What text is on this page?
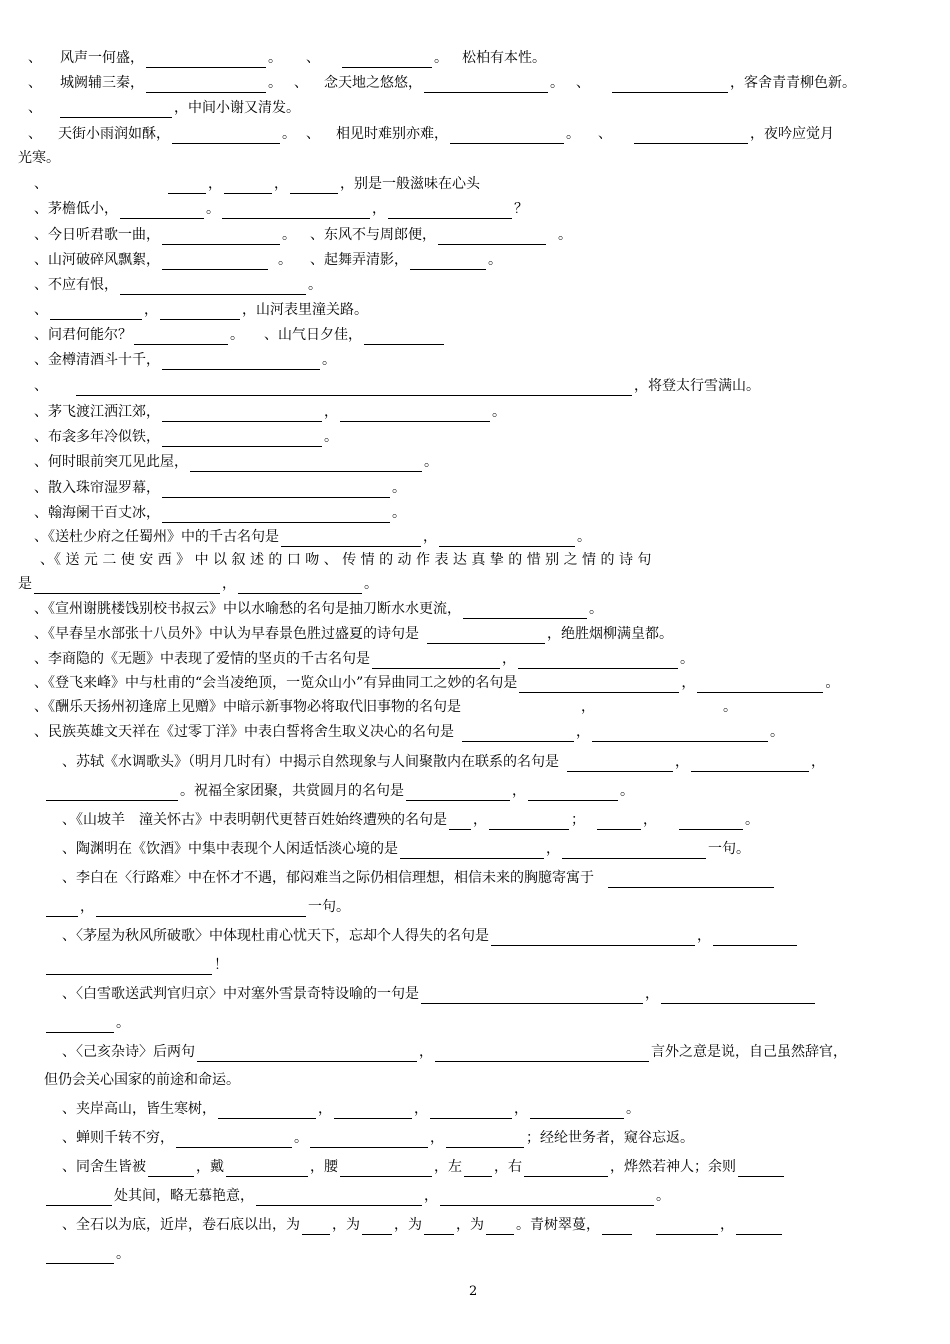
、 风声一何盛，	。 、	。 松柏有本性。
、 城阙辅三秦，	。 、 念天地之悠悠，	。 、	，客舍青青柳色新。
、	，中间小谢又清发。
、 天街小雨润如酥，	。 、 相见时难别亦难，	。 、	，夜吟应觉月
光寒。
、	，	，	，别是一般滋味在心头
、茅檐低小，	。	，	？
、今日听君歌一曲，	。 、东风不与周郎便，	。
、山河破碎风飘絮，	。 、起舞弄清影，	。
、不应有恨，	。
、	，	，山河表里潼关路。
、问君何能尔？	。 、山气日夕佳，
、金樽清酒斗十千，	。
、	，将登太行雪满山。
、茅飞渡江洒江郊，	，	。
、布衾多年冷似铁，	。
、何时眼前突兀见此屋，	。
、散入珠帘湿罗幕，	。
、翰海阑干百丈冰，	。
、《送杜少府之任蜀州》中的千古名句是	，	。
、《 送 元 二 使 安 西 》 中 以 叙 述 的 口 吻 、 传 情 的 动 作 表 达 真 挚 的 惜 别 之 情 的 诗 句
是	，	。
、《宣州谢朓楼饯别校书叔云》中以水喻愁的名句是抽刀断水水更流，	。
、《早春呈水部张十八员外》中认为早春景色胜过盛夏的诗句是	，绝胜烟柳满皇都。
、李商隐的《无题》中表现了爱情的坚贞的千古名句是	，	。
、《登飞来峰》中与杜甫的“会当凌绝顶，一览众山小”有异曲同工之妙的名句是	，	。
、《酬乐天扬州初逢席上见赠》中暗示新事物必将取代旧事物的名句是	，	。
、民族英雄文天祥在《过零丁洋》中表白誓将舍生取义决心的名句是	，	。
、苏轼《水调歌头》（明月几时有）中揭示自然现象与人间聚散内在联系的名句是	，	，
。祝福全家团聚，共赏圆月的名句是	，	。
、《山坡羊　潼关怀古》中表明朝代更替百姓始终遭殃的名句是 ，	；	，	。
、陶渊明在《饮酒》中集中表现个人闲适恬淡心境的是	，	一句。
、李白在〈行路难〉中在怀才不遇，郁闷难当之际仍相信理想，相信未来的胸臆寄寓于
，	一句。
、〈茅屋为秋风所破歌〉中体现杜甫心忧天下，忘却个人得失的名句是	，
！
、〈白雪歌送武判官归京〉中对塞外雪景奇特设喻的一句是	，
。
、〈己亥杂诗〉后两句	，	言外之意是说，自己虽然辞官，
但仍会关心国家的前途和命运。
、夹岸高山，皆生寒树，	，	，	，	。
、蝉则千转不穷，	。	，	；经纶世务者，窥谷忘返。
、同舍生皆被	，戴	，腰	，左 ，右	，烨然若神人；余则
处其间，略无慕艳意，	，	。
、全石以为底，近岸，卷石底以出，为 ，为 ，为 ，为 。青树翠蔓，	，
。
2
